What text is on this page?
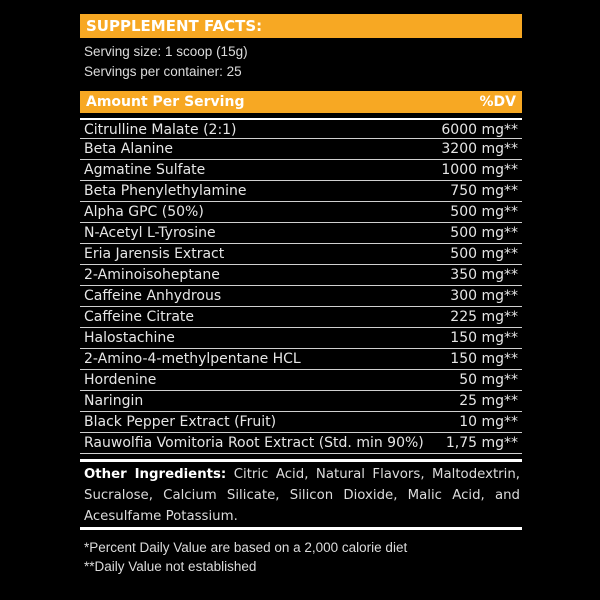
SUPPLEMENT FACTS:
Serving size: 1 scoop (15g)
Servings per container: 25
Amount Per Serving	%DV
Citrulline Malate (2:1)	6000 mg**
Beta Alanine	3200 mg**
Agmatine Sulfate	1000 mg**
Beta Phenylethylamine	750 mg**
Alpha GPC (50%)	500 mg**
N-Acetyl L-Tyrosine	500 mg**
Eria Jarensis Extract	500 mg**
2-Aminoisoheptane	350 mg**
Caffeine Anhydrous	300 mg**
Caffeine Citrate	225 mg**
Halostachine	150 mg**
2-Amino-4-methylpentane HCL	150 mg**
Hordenine	50 mg**
Naringin	25 mg**
Black Pepper Extract (Fruit)	10 mg**
Rauwolfia Vomitoria Root Extract (Std. min 90%) 1,75 mg**
Other Ingredients: Citric Acid, Natural Flavors, Maltodextrin, Sucralose, Calcium Silicate, Silicon Dioxide, Malic Acid, and Acesulfame Potassium.
*Percent Daily Value are based on a 2,000 calorie diet
**Daily Value not established
